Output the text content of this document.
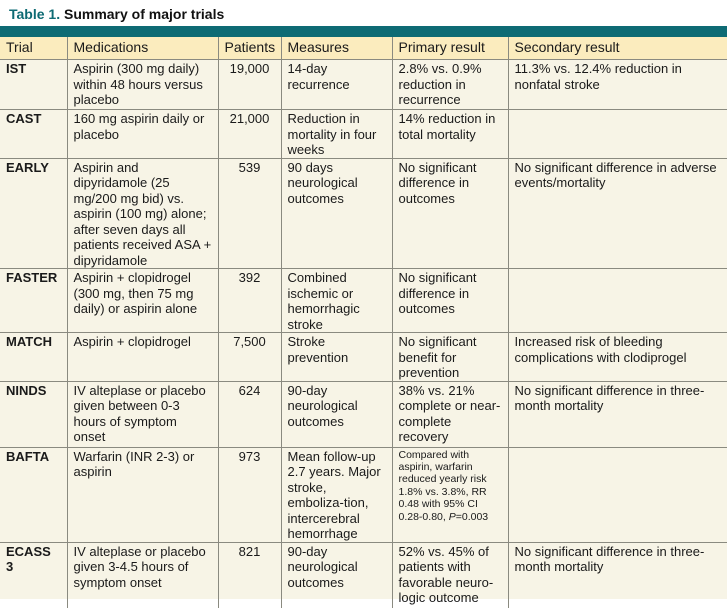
Table 1. Summary of major trials
Trial	Medications	Patients	Measures	Primary result	Secondary result
IST	Aspirin (300 mg daily) within 48 hours versus placebo	19,000	14-day recurrence	2.8% vs. 0.9% reduction in recurrence	11.3% vs. 12.4% reduction in nonfatal stroke
CAST	160 mg aspirin daily or placebo	21,000	Reduction in mortality in four weeks	14% reduction in total mortality	
EARLY	Aspirin and dipyridamole (25 mg/200 mg bid) vs. aspirin (100 mg) alone; after seven days all patients received ASA + dipyridamole	539	90 days neurological outcomes	No significant difference in outcomes	No significant difference in adverse events/mortality
FASTER	Aspirin + clopidrogel (300 mg, then 75 mg daily) or aspirin alone	392	Combined ischemic or hemorrhagic stroke	No significant difference in outcomes	
MATCH	Aspirin + clopidrogel	7,500	Stroke prevention	No significant benefit for prevention	Increased risk of bleeding complications with clodiprogel
NINDS	IV alteplase or placebo given between 0-3 hours of symptom onset	624	90-day neurological outcomes	38% vs. 21% complete or near-complete recovery	No significant difference in three-month mortality
BAFTA	Warfarin (INR 2-3) or aspirin	973	Mean follow-up 2.7 years. Major stroke, emboliza-tion, intercerebral hemorrhage	Compared with aspirin, warfarin reduced yearly risk 1.8% vs. 3.8%, RR 0.48 with 95% CI 0.28-0.80, P=0.003	
ECASS 3	IV alteplase or placebo given 3-4.5 hours of symptom onset	821	90-day neurological outcomes	52% vs. 45% of patients with favorable neuro-logic outcome	No significant difference in three-month mortality
